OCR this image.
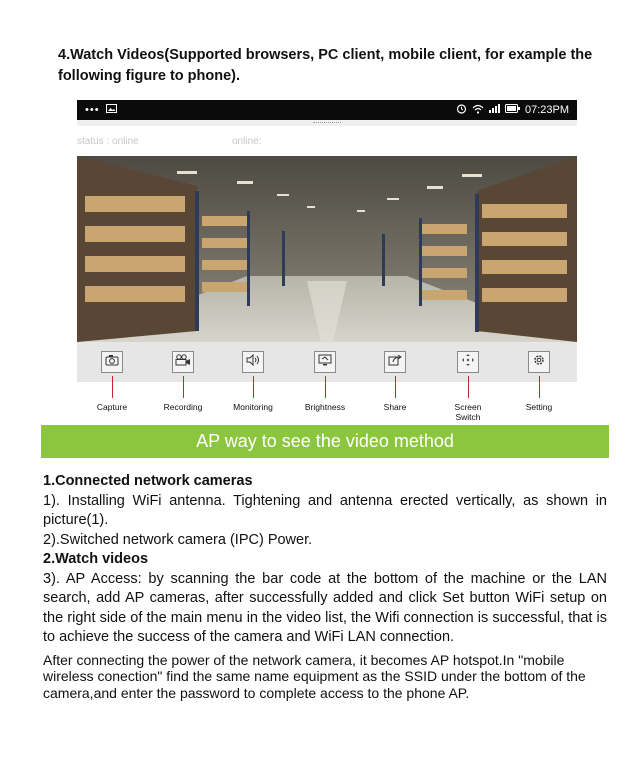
4.Watch Videos(Supported browsers, PC client, mobile client, for example the following figure to phone).
•••	07:23PM
status : online	online:
Capture	Recording	Monitoring	Brightness	Share	Screen Switch
Setting
AP way to see the video method
1.Connected network cameras
1). Installing WiFi antenna. Tightening and antenna erected vertically, as shown in picture(1).
2).Switched network camera (IPC) Power.
2.Watch videos
3). AP Access: by scanning the bar code at the bottom of the machine or the LAN search, add AP cameras, after successfully added and click Set button WiFi setup on the right side of the main menu in the video list, the Wifi connection is successful, that is to achieve the success of the camera and WiFi LAN connection.
After connecting the power of the network camera, it becomes AP hotspot.In "mobile wireless conection" find the same name equipment as the SSID under the bottom of the camera,and enter the password to complete access to the phone AP.
